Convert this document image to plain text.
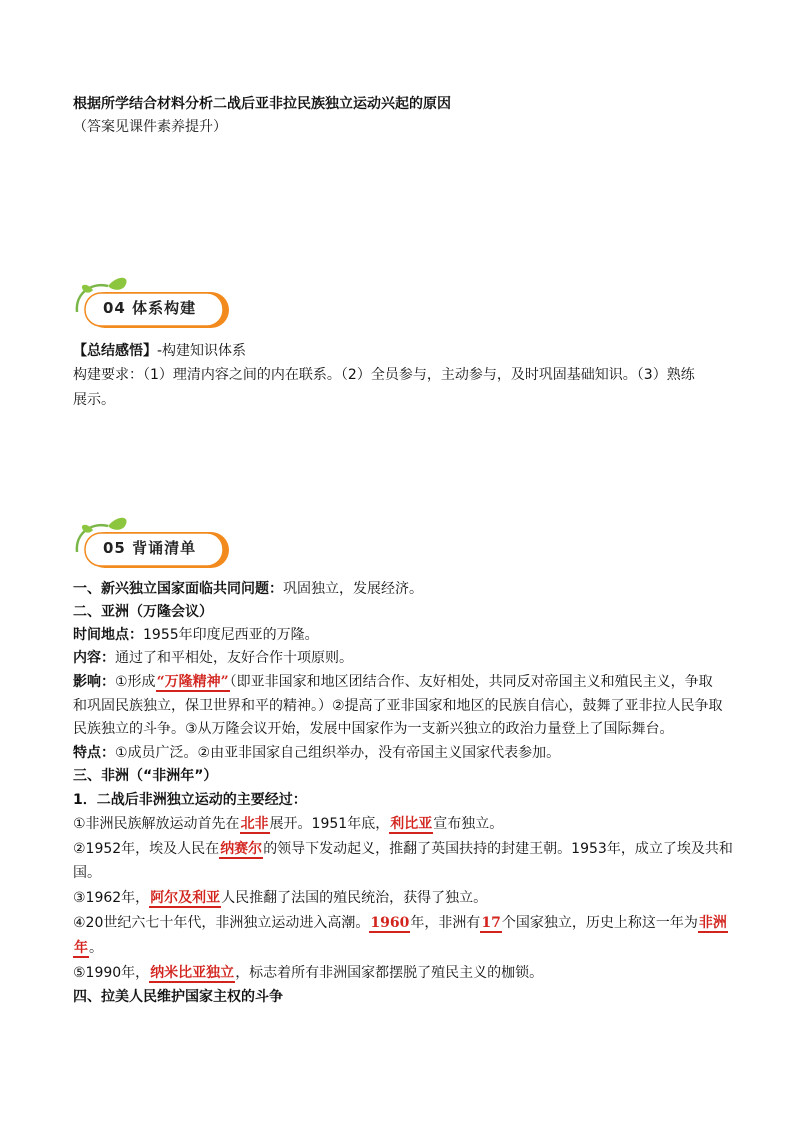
根据所学结合材料分析二战后亚非拉民族独立运动兴起的原因
（答案见课件素养提升）
04 体系构建
【总结感悟】-构建知识体系
构建要求：（1）理清内容之间的内在联系。（2）全员参与，主动参与，及时巩固基础知识。（3）熟练
展示。
05 背诵清单
一、新兴独立国家面临共同问题：巩固独立，发展经济。
二、亚洲（万隆会议）
时间地点：1955年印度尼西亚的万隆。
内容：通过了和平相处，友好合作十项原则。
影响：①形成“万隆精神”（即亚非国家和地区团结合作、友好相处，共同反对帝国主义和殖民主义，争取
和巩固民族独立，保卫世界和平的精神。）②提高了亚非国家和地区的民族自信心，鼓舞了亚非拉人民争取
民族独立的斗争。③从万隆会议开始，发展中国家作为一支新兴独立的政治力量登上了国际舞台。
特点：①成员广泛。②由亚非国家自己组织举办，没有帝国主义国家代表参加。
三、非洲（“非洲年”）
1．二战后非洲独立运动的主要经过：
①非洲民族解放运动首先在北非展开。1951年底，利比亚宣布独立。
②1952年，埃及人民在纳赛尔的领导下发动起义，推翻了英国扶持的封建王朝。1953年，成立了埃及共和
国。
③1962年，阿尔及利亚人民推翻了法国的殖民统治，获得了独立。
④20世纪六七十年代，非洲独立运动进入高潮。1960年，非洲有17个国家独立，历史上称这一年为非洲
年。
⑤1990年，纳米比亚独立，标志着所有非洲国家都摆脱了殖民主义的枷锁。
四、拉美人民维护国家主权的斗争
